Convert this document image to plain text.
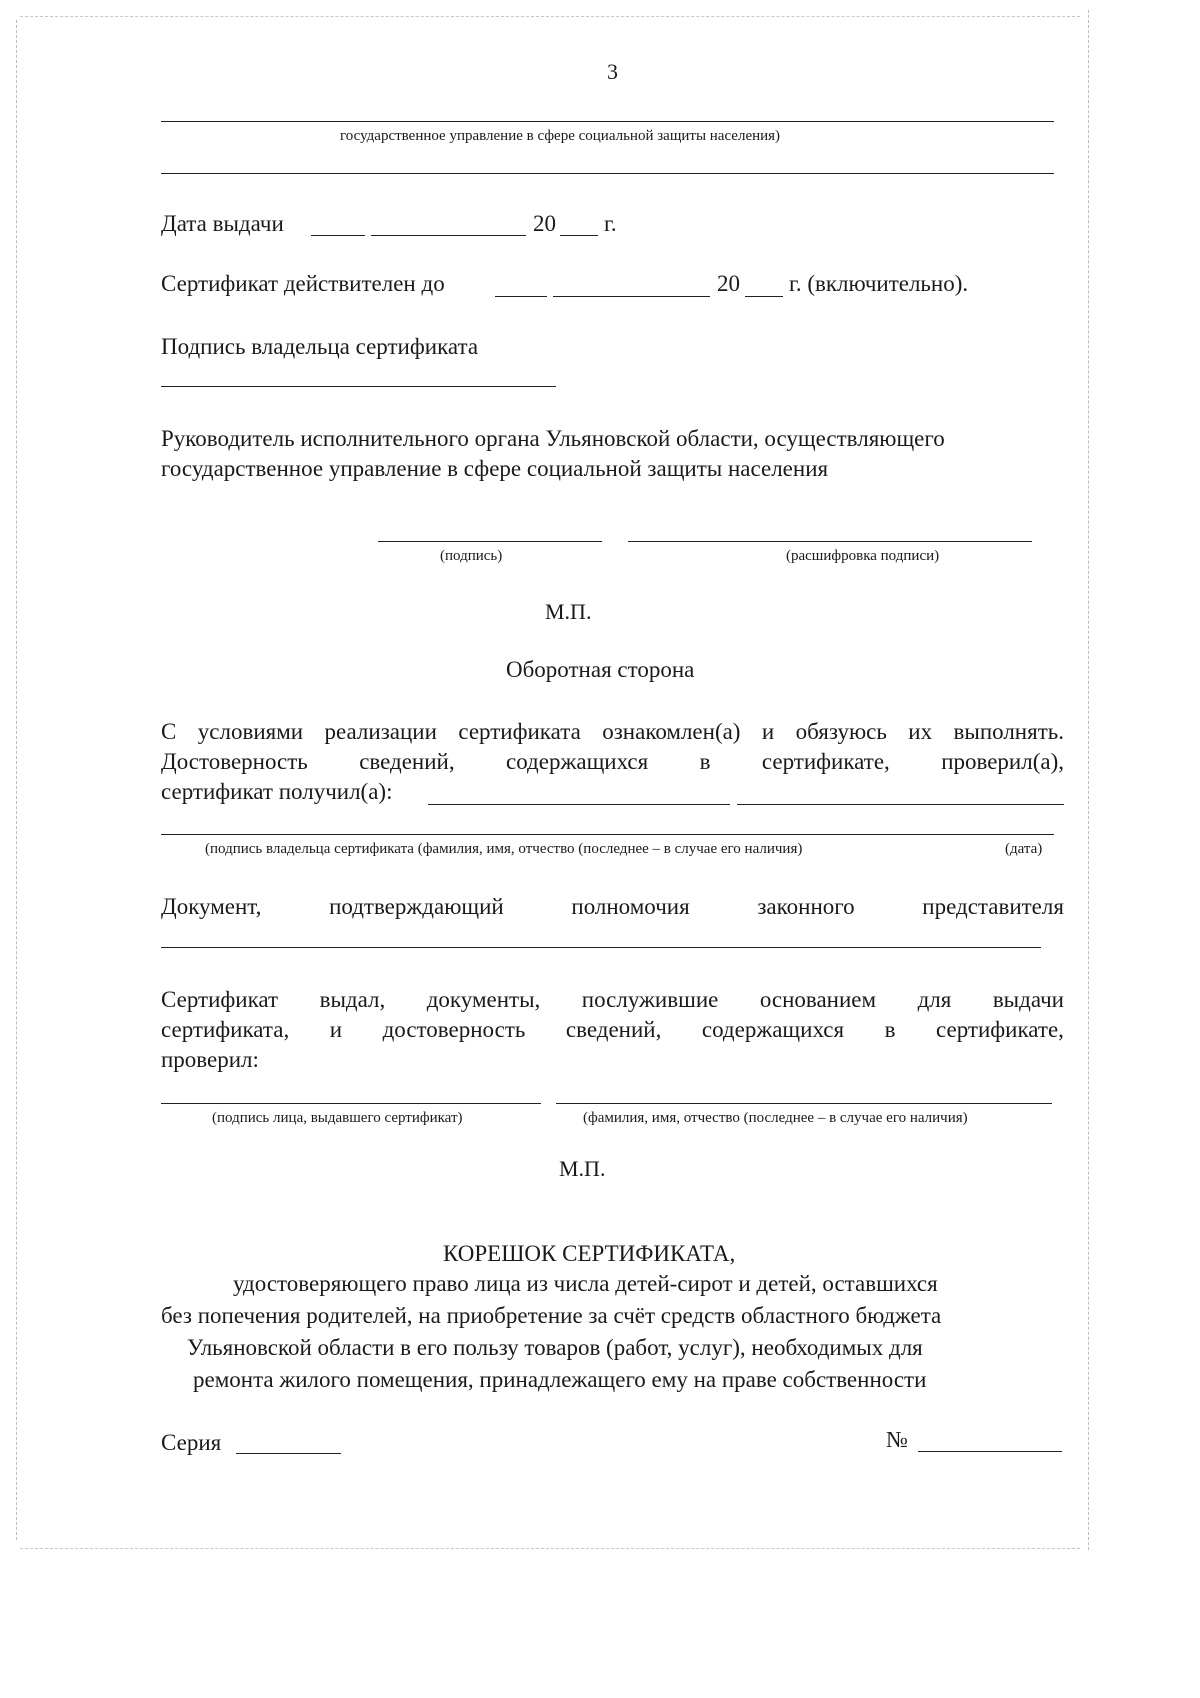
3
государственное управление в сфере социальной защиты населения)
Дата выдачи	20 г.
Сертификат действителен до	20 г. (включительно).
Подпись владельца сертификата
Руководитель исполнительного органа Ульяновской области, осуществляющего
государственное управление в сфере социальной защиты населения
(подпись)	(расшифровка подписи)
М.П.
Оборотная сторона
С условиями реализации сертификата ознакомлен(а) и обязуюсь их выполнять.
Достоверность сведений, содержащихся в сертификате, проверил(а),
сертификат получил(а):
(подпись владельца сертификата (фамилия, имя, отчество (последнее – в случае его наличия)	(дата)
Документ,	подтверждающий	полномочия	законного	представителя
Сертификат выдал, документы, послужившие основанием для выдачи
сертификата, и достоверность сведений, содержащихся в сертификате,
проверил:
(подпись лица, выдавшего сертификат)	(фамилия, имя, отчество (последнее – в случае его наличия)
М.П.
КОРЕШОК СЕРТИФИКАТА,
удостоверяющего право лица из числа детей-сирот и детей, оставшихся
без попечения родителей, на приобретение за счёт средств областного бюджета
Ульяновской области в его пользу товаров (работ, услуг), необходимых для
ремонта жилого помещения, принадлежащего ему на праве собственности
Серия	№
